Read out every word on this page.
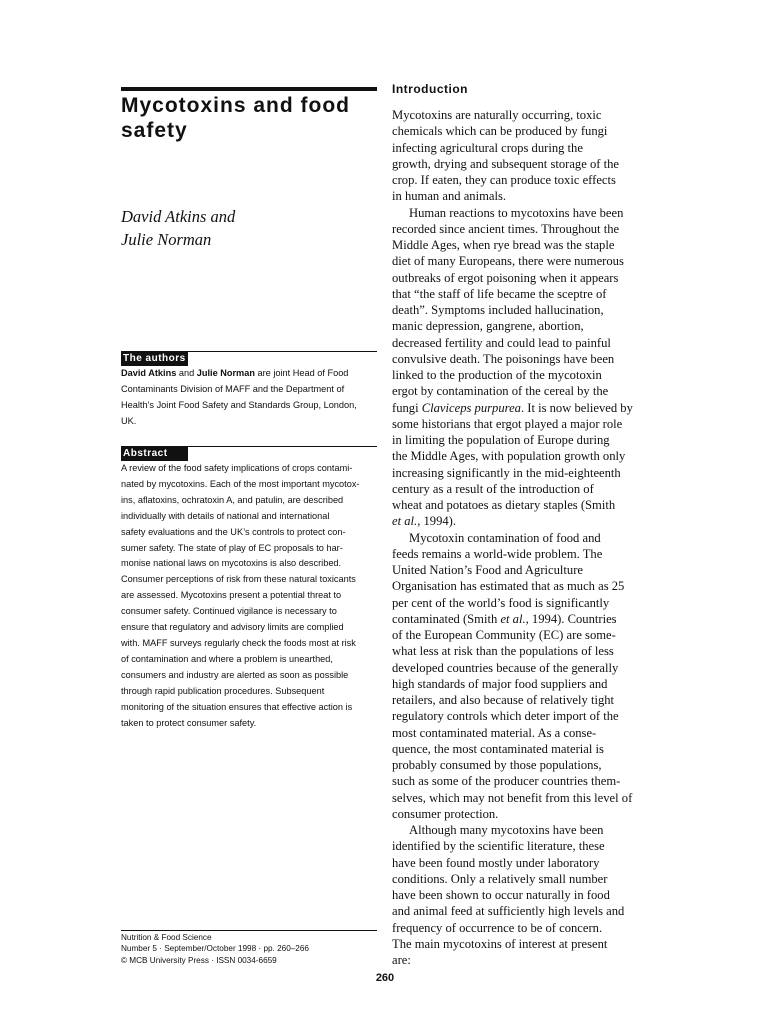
Mycotoxins and food
safety
David Atkins and
Julie Norman
The authors
David Atkins and Julie Norman are joint Head of Food
Contaminants Division of MAFF and the Department of
Health’s Joint Food Safety and Standards Group, London,
UK.
Abstract
A review of the food safety implications of crops contami-
nated by mycotoxins. Each of the most important mycotox-
ins, aflatoxins, ochratoxin A, and patulin, are described
individually with details of national and international
safety evaluations and the UK’s controls to protect con-
sumer safety. The state of play of EC proposals to har-
monise national laws on mycotoxins is also described.
Consumer perceptions of risk from these natural toxicants
are assessed. Mycotoxins present a potential threat to
consumer safety. Continued vigilance is necessary to
ensure that regulatory and advisory limits are complied
with. MAFF surveys regularly check the foods most at risk
of contamination and where a problem is unearthed,
consumers and industry are alerted as soon as possible
through rapid publication procedures. Subsequent
monitoring of the situation ensures that effective action is
taken to protect consumer safety.
Nutrition & Food Science
Number 5 · September/October 1998 · pp. 260–266
© MCB University Press · ISSN 0034-6659
Introduction
Mycotoxins are naturally occurring, toxic
chemicals which can be produced by fungi
infecting agricultural crops during the
growth, drying and subsequent storage of the
crop. If eaten, they can produce toxic effects
in human and animals.
Human reactions to mycotoxins have been
recorded since ancient times. Throughout the
Middle Ages, when rye bread was the staple
diet of many Europeans, there were numerous
outbreaks of ergot poisoning when it appears
that “the staff of life became the sceptre of
death”. Symptoms included hallucination,
manic depression, gangrene, abortion,
decreased fertility and could lead to painful
convulsive death. The poisonings have been
linked to the production of the mycotoxin
ergot by contamination of the cereal by the
fungi Claviceps purpurea. It is now believed by
some historians that ergot played a major role
in limiting the population of Europe during
the Middle Ages, with population growth only
increasing significantly in the mid-eighteenth
century as a result of the introduction of
wheat and potatoes as dietary staples (Smith
et al., 1994).
Mycotoxin contamination of food and
feeds remains a world-wide problem. The
United Nation’s Food and Agriculture
Organisation has estimated that as much as 25
per cent of the world’s food is significantly
contaminated (Smith et al., 1994). Countries
of the European Community (EC) are some-
what less at risk than the populations of less
developed countries because of the generally
high standards of major food suppliers and
retailers, and also because of relatively tight
regulatory controls which deter import of the
most contaminated material. As a conse-
quence, the most contaminated material is
probably consumed by those populations,
such as some of the producer countries them-
selves, which may not benefit from this level of
consumer protection.
Although many mycotoxins have been
identified by the scientific literature, these
have been found mostly under laboratory
conditions. Only a relatively small number
have been shown to occur naturally in food
and animal feed at sufficiently high levels and
frequency of occurrence to be of concern.
The main mycotoxins of interest at present
are:
260
